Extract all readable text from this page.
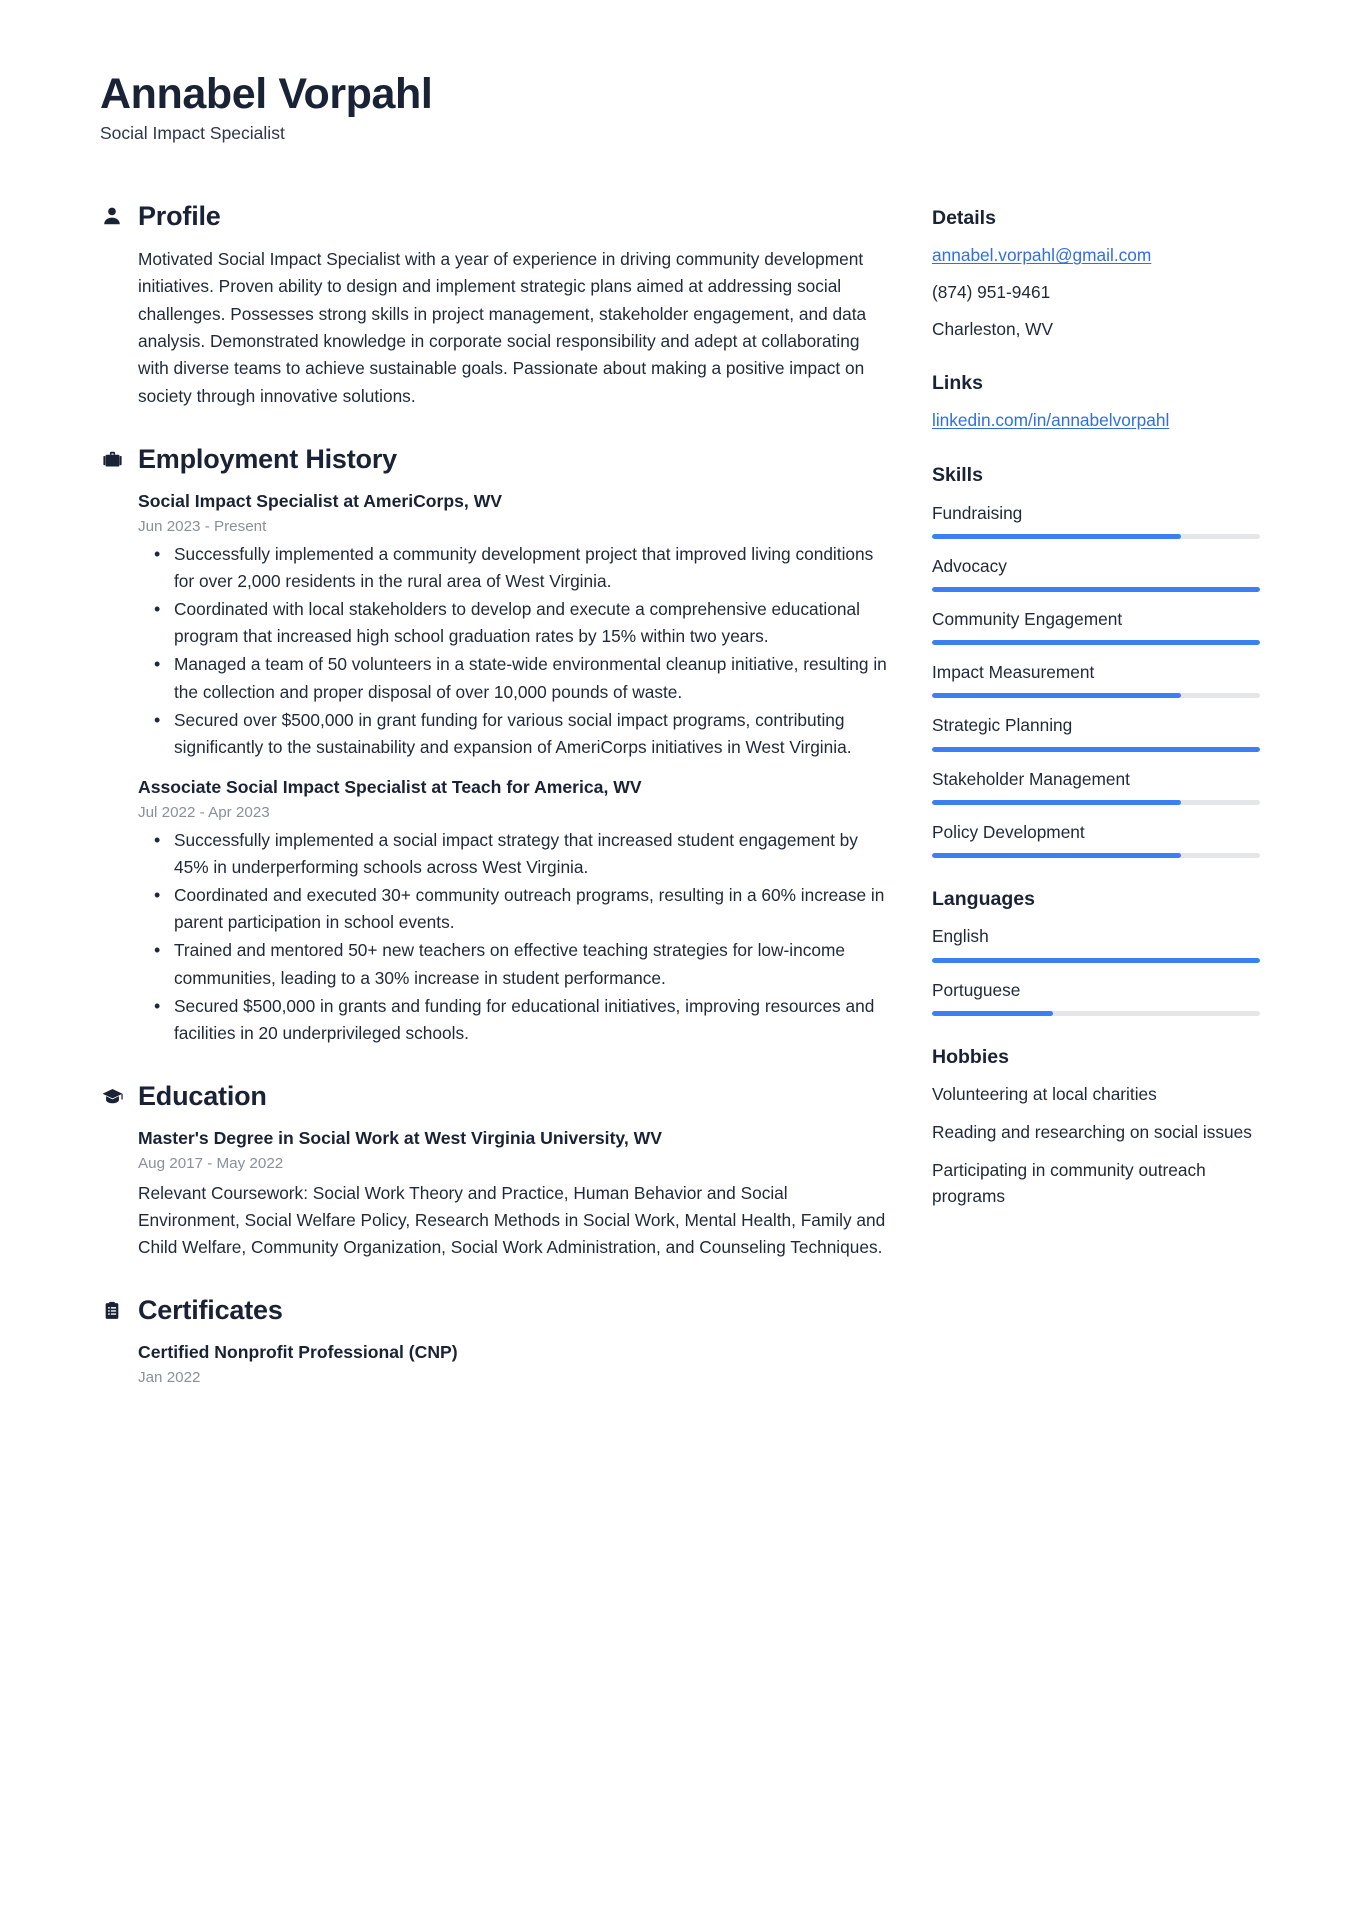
Annabel Vorpahl
Social Impact Specialist
Profile

Motivated Social Impact Specialist with a year of experience in driving community development initiatives. Proven ability to design and implement strategic plans aimed at addressing social challenges. Possesses strong skills in project management, stakeholder engagement, and data analysis. Demonstrated knowledge in corporate social responsibility and adept at collaborating with diverse teams to achieve sustainable goals. Passionate about making a positive impact on society through innovative solutions.

Employment History
Social Impact Specialist at AmeriCorps, WV
Jun 2023 - Present
• Successfully implemented a community development project that improved living conditions for over 2,000 residents in the rural area of West Virginia.
• Coordinated with local stakeholders to develop and execute a comprehensive educational program that increased high school graduation rates by 15% within two years.
• Managed a team of 50 volunteers in a state-wide environmental cleanup initiative, resulting in the collection and proper disposal of over 10,000 pounds of waste.
• Secured over $500,000 in grant funding for various social impact programs, contributing significantly to the sustainability and expansion of AmeriCorps initiatives in West Virginia.
Associate Social Impact Specialist at Teach for America, WV
Jul 2022 - Apr 2023
• Successfully implemented a social impact strategy that increased student engagement by 45% in underperforming schools across West Virginia.
• Coordinated and executed 30+ community outreach programs, resulting in a 60% increase in parent participation in school events.
• Trained and mentored 50+ new teachers on effective teaching strategies for low-income communities, leading to a 30% increase in student performance.
• Secured $500,000 in grants and funding for educational initiatives, improving resources and facilities in 20 underprivileged schools.
Education
Master's Degree in Social Work at West Virginia University, WV
Aug 2017 - May 2022

Relevant Coursework: Social Work Theory and Practice, Human Behavior and Social Environment, Social Welfare Policy, Research Methods in Social Work, Mental Health, Family and Child Welfare, Community Organization, Social Work Administration, and Counseling Techniques.

Certificates
Certified Nonprofit Professional (CNP)
Jan 2022
Details
annabel.vorpahl@gmail.com
(874) 951-9461
Charleston, WV
Links
linkedin.com/in/annabelvorpahl
Skills
Fundraising
Advocacy
Community Engagement
Impact Measurement
Strategic Planning
Stakeholder Management
Policy Development
Languages
English
Portuguese
Hobbies
Volunteering at local charities
Reading and researching on social issues
Participating in community outreach programs
